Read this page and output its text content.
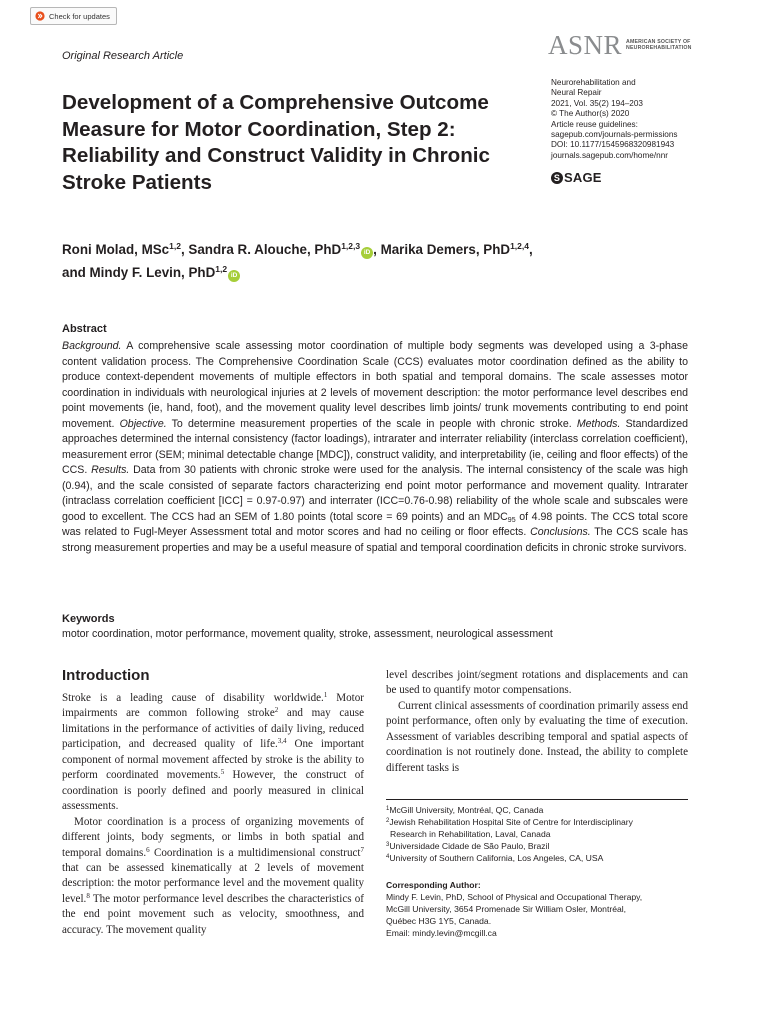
Check for updates
Original Research Article	ASNR AMERICAN SOCIETY OF
NEUROREHABILITATION
Neurorehabilitation and
Neural Repair
2021, Vol. 35(2) 194–203
© The Author(s) 2020
Article reuse guidelines:
sagepub.com/journals-permissions
DOI: 10.1177/1545968320981943
journals.sagepub.com/home/nnr
S SAGE
Development of a Comprehensive Outcome Measure for Motor Coordination, Step 2: Reliability and Construct Validity in Chronic Stroke Patients
Roni Molad, MSc$^{1,2}$, Sandra R. Alouche, PhD$^{1,2,3}$iD , Marika Demers, PhD$^{1,2,4}$,
and Mindy F. Levin, PhD$^{1,2}$iD
Abstract

Background. A comprehensive scale assessing motor coordination of multiple body segments was developed using a 3-phase content validation process. The Comprehensive Coordination Scale (CCS) evaluates motor coordination defined as the ability to produce context-dependent movements of multiple effectors in both spatial and temporal domains. The scale assesses motor coordination in individuals with neurological injuries at 2 levels of movement description: the motor performance level describes end point movements (ie, hand, foot), and the movement quality level describes limb joints/ trunk movements contributing to end point movement. Objective. To determine measurement properties of the scale in people with chronic stroke. Methods. Standardized approaches determined the internal consistency (factor loadings), intrarater and interrater reliability (interclass correlation coefficient), measurement error (SEM; minimal detectable change [MDC]), construct validity, and interpretability (ie, ceiling and floor effects) of the CCS. Results. Data from 30 patients with chronic stroke were used for the analysis. The internal consistency of the scale was high (0.94), and the scale consisted of separate factors characterizing end point motor performance and movement quality. Intrarater (intraclass correlation coefficient [ICC] = 0.97-0.97) and interrater (ICC=0.76-0.98) reliability of the whole scale and subscales were good to excellent. The CCS had an SEM of 1.80 points (total score = 69 points) and an $MDC_{95}$ of 4.98 points. The CCS total score was related to Fugl-Meyer Assessment total and motor scores and had no ceiling or floor effects. Conclusions. The CCS scale has strong measurement properties and may be a useful measure of spatial and temporal coordination deficits in chronic stroke survivors.

Keywords
motor coordination, motor performance, movement quality, stroke, assessment, neurological assessment
Introduction

Stroke is a leading cause of disability worldwide.$^1$ Motor impairments are common following stroke$^2$ and may cause limitations in the performance of activities of daily living, reduced participation, and decreased quality of life.$^{3,4}$ One important component of normal movement affected by stroke is the ability to perform coordinated movements.$^5$ However, the construct of coordination is poorly defined and poorly measured in clinical assessments.

Motor coordination is a process of organizing movements of different joints, body segments, or limbs in both spatial and temporal domains.$^6$ Coordination is a multidimensional construct$^7$ that can be assessed kinematically at 2 levels of movement description: the motor performance level and the movement quality level.$^8$ The motor performance level describes the characteristics of the end point movement such as velocity, smoothness, and accuracy. The movement quality

level describes joint/segment rotations and displacements and can be used to quantify motor compensations.

Current clinical assessments of coordination primarily assess end point performance, often only by evaluating the time of execution. Assessment of variables describing temporal and spatial aspects of coordination is not routinely done. Instead, the ability to complete different tasks is

$^1$McGill University, Montréal, QC, Canada
$^2$Jewish Rehabilitation Hospital Site of Centre for Interdisciplinary
Research in Rehabilitation, Laval, Canada
$^3$Universidade Cidade de São Paulo, Brazil
$^4$University of Southern California, Los Angeles, CA, USA
Corresponding Author:
Mindy F. Levin, PhD, School of Physical and Occupational Therapy,
McGill University, 3654 Promenade Sir William Osler, Montréal,
Québec H3G 1Y5, Canada.
Email: mindy.levin@mcgill.ca
